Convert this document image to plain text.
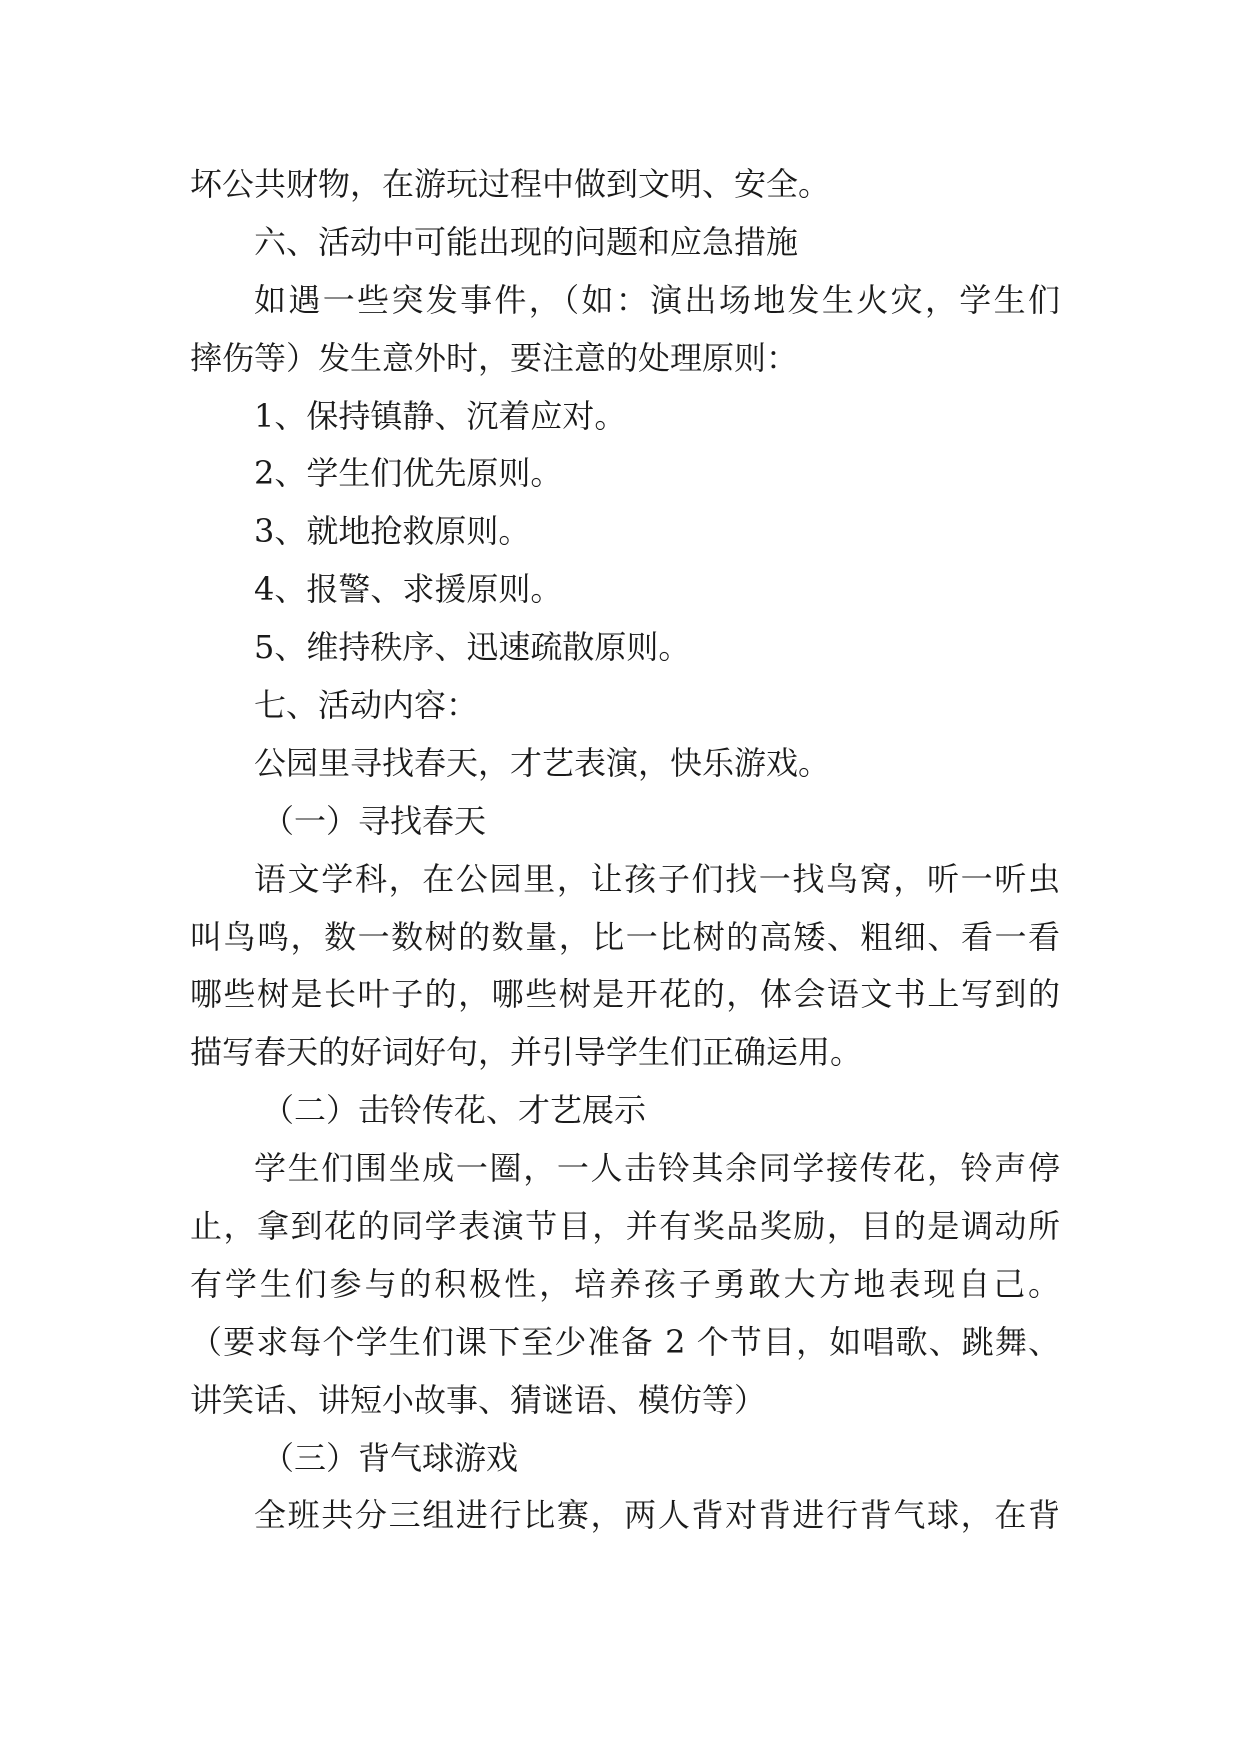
坏公共财物，在游玩过程中做到文明、安全。
六、活动中可能出现的问题和应急措施
如遇一些突发事件，（如：演出场地发生火灾，学生们
摔伤等）发生意外时，要注意的处理原则：
1、保持镇静、沉着应对。
2、学生们优先原则。
3、就地抢救原则。
4、报警、求援原则。
5、维持秩序、迅速疏散原则。
七、活动内容：
公园里寻找春天，才艺表演，快乐游戏。
（一）寻找春天
语文学科，在公园里，让孩子们找一找鸟窝，听一听虫
叫鸟鸣，数一数树的数量，比一比树的高矮、粗细、看一看
哪些树是长叶子的，哪些树是开花的，体会语文书上写到的
描写春天的好词好句，并引导学生们正确运用。
（二）击铃传花、才艺展示
学生们围坐成一圈，一人击铃其余同学接传花，铃声停
止，拿到花的同学表演节目，并有奖品奖励，目的是调动所
有学生们参与的积极性，培养孩子勇敢大方地表现自己。
（要求每个学生们课下至少准备 2 个节目，如唱歌、跳舞、
讲笑话、讲短小故事、猜谜语、模仿等）
（三）背气球游戏
全班共分三组进行比赛，两人背对背进行背气球，在背
